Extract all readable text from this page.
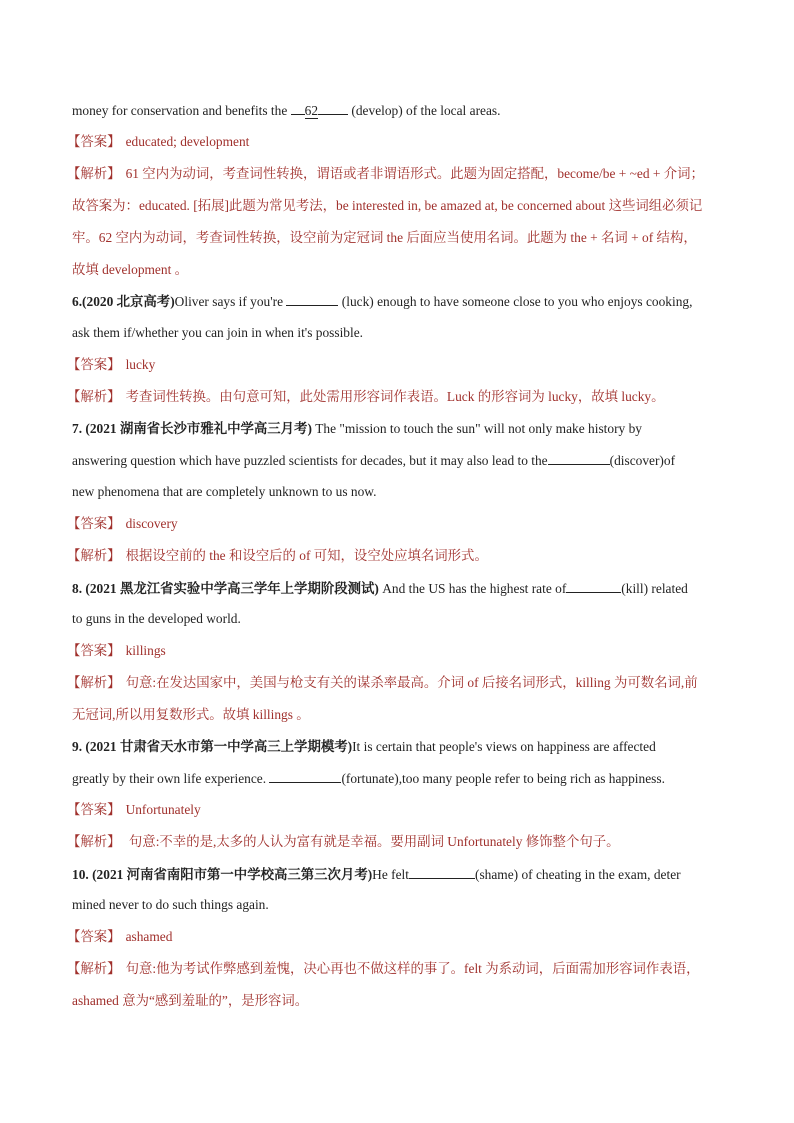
money for conservation and benefits the 62 (develop) of the local areas.
【答案】 educated; development
【解析】 61 空内为动词，考查词性转换，谓语或者非谓语形式。此题为固定搭配，become/be + ~ed + 介词；
故答案为：educated. [拓展]此题为常见考法，be interested in, be amazed at, be concerned about 这些词组必须记
牢。62 空内为动词，考查词性转换，设空前为定冠词 the 后面应当使用名词。此题为 the + 名词 + of 结构，
故填 development 。
6.(2020 北京高考)Oliver says if you're	(luck) enough to have someone close to you who enjoys cooking,
ask them if/whether you can join in when it's possible.
【答案】 lucky
【解析】 考查词性转换。由句意可知，此处需用形容词作表语。Luck 的形容词为 lucky，故填 lucky。
7. (2021 湖南省长沙市雅礼中学高三月考) The "mission to touch the sun" will not only make history by
answering question which have puzzled scientists for decades, but it may also lead to the	(discover)of
new phenomena that are completely unknown to us now.
【答案】 discovery
【解析】 根据设空前的 the 和设空后的 of 可知，设空处应填名词形式。
8. (2021 黑龙江省实验中学高三学年上学期阶段测试) And the US has the highest rate of	(kill) related
to guns in the developed world.
【答案】 killings
【解析】 句意:在发达国家中，美国与枪支有关的谋杀率最高。介词 of 后接名词形式，killing 为可数名词,前
无冠词,所以用复数形式。故填 killings 。
9. (2021 甘肃省天水市第一中学高三上学期模考)It is certain that people's views on happiness are affected
greatly by their own life experience.	(fortunate),too many people refer to being rich as happiness.
【答案】 Unfortunately
【解析】 句意:不幸的是,太多的人认为富有就是幸福。要用副词 Unfortunately 修饰整个句子。
10. (2021 河南省南阳市第一中学校高三第三次月考)He felt	(shame) of cheating in the exam, deter
mined never to do such things again.
【答案】 ashamed
【解析】 句意:他为考试作弊感到羞愧，决心再也不做这样的事了。felt 为系动词，后面需加形容词作表语，
ashamed 意为“感到羞耻的”，是形容词。
